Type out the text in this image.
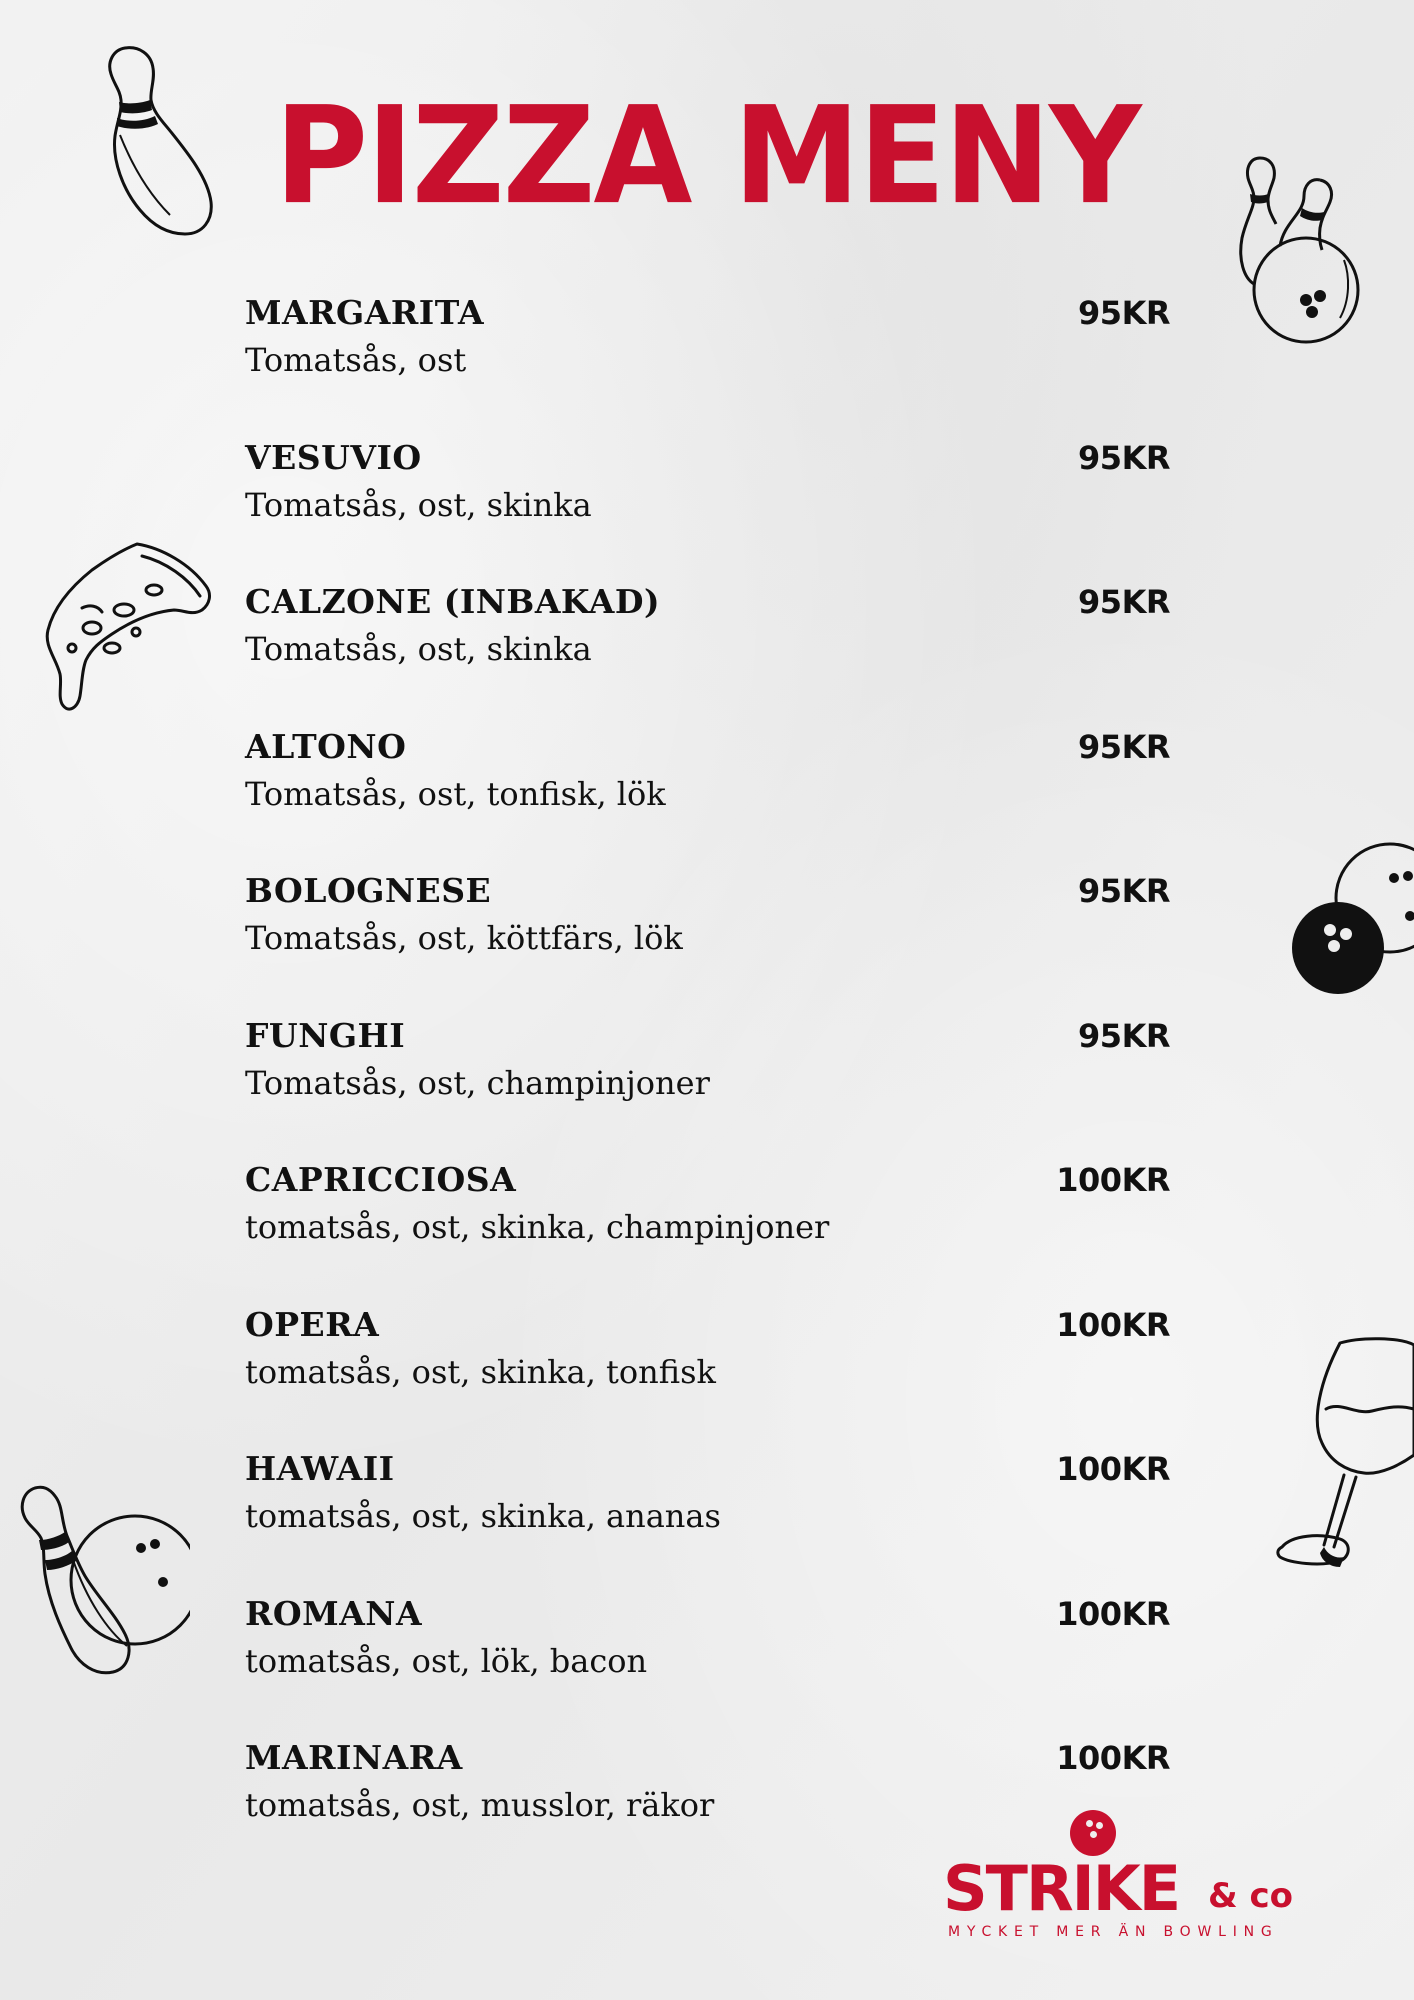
PIZZA MENY
MARGARITA
Tomatsås, ost
95KR
VESUVIO
Tomatsås, ost, skinka
95KR
CALZONE (INBAKAD)
Tomatsås, ost, skinka
95KR
ALTONO
Tomatsås, ost, tonfisk, lök
95KR
BOLOGNESE
Tomatsås, ost, köttfärs, lök
95KR
FUNGHI
Tomatsås, ost, champinjoner
95KR
CAPRICCIOSA
tomatsås, ost, skinka, champinjoner
100KR
OPERA
tomatsås, ost, skinka, tonfisk
100KR
HAWAII
tomatsås, ost, skinka, ananas
100KR
ROMANA
tomatsås, ost, lök, bacon
100KR
MARINARA
tomatsås, ost, musslor, räkor
100KR
STRIKE & co
MYCKET MER ÄN BOWLING
